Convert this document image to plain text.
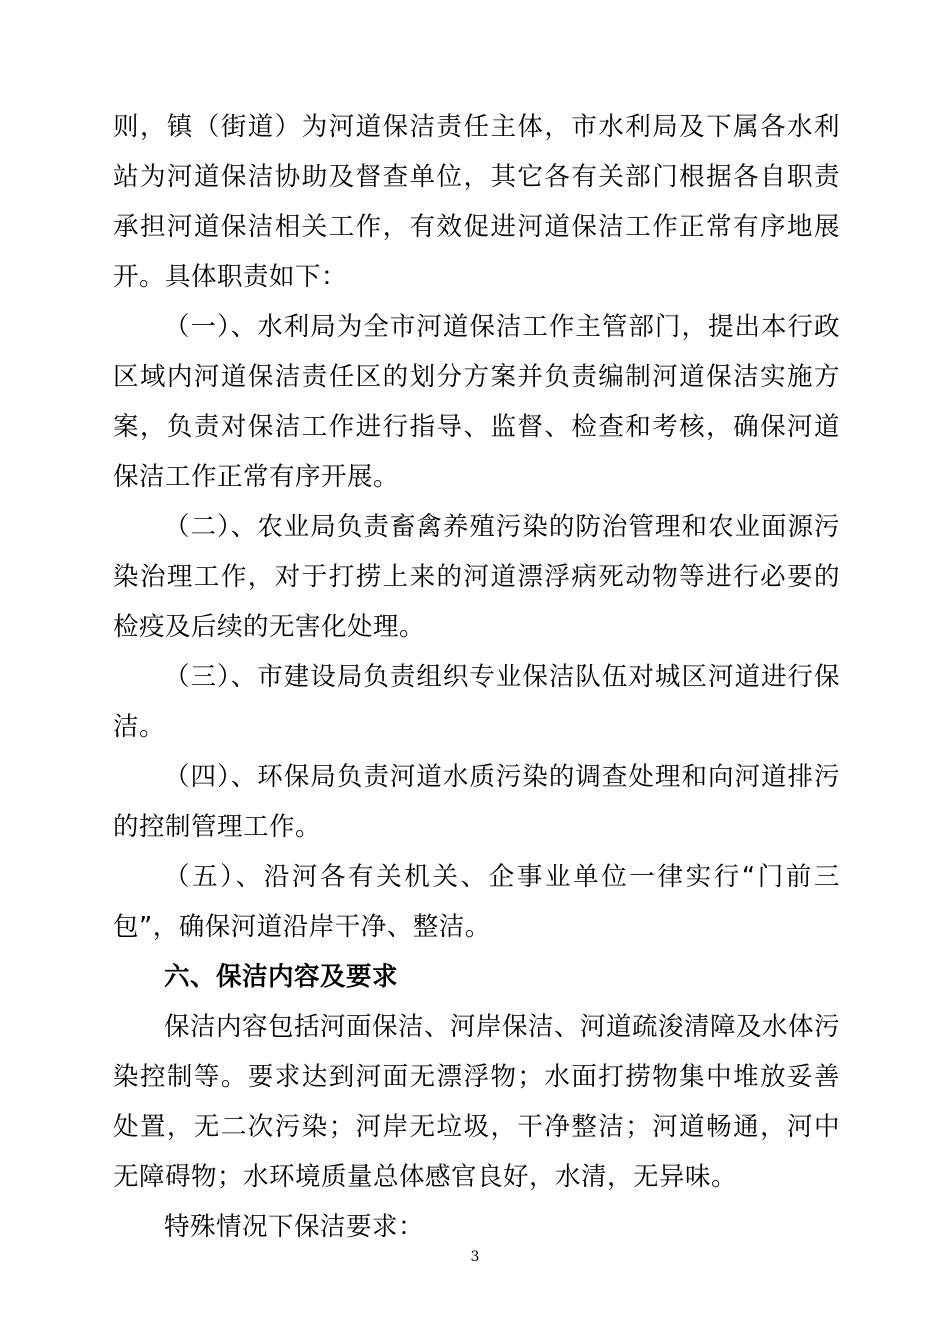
则，镇（街道）为河道保洁责任主体，市水利局及下属各水利站为河道保洁协助及督查单位，其它各有关部门根据各自职责承担河道保洁相关工作，有效促进河道保洁工作正常有序地展开。具体职责如下：

（一）、水利局为全市河道保洁工作主管部门，提出本行政区域内河道保洁责任区的划分方案并负责编制河道保洁实施方案，负责对保洁工作进行指导、监督、检查和考核，确保河道保洁工作正常有序开展。

（二）、农业局负责畜禽养殖污染的防治管理和农业面源污染治理工作，对于打捞上来的河道漂浮病死动物等进行必要的检疫及后续的无害化处理。

（三）、市建设局负责组织专业保洁队伍对城区河道进行保洁。

（四）、环保局负责河道水质污染的调查处理和向河道排污的控制管理工作。

（五）、沿河各有关机关、企事业单位一律实行“门前三包”，确保河道沿岸干净、整洁。

六、保洁内容及要求

保洁内容包括河面保洁、河岸保洁、河道疏浚清障及水体污染控制等。要求达到河面无漂浮物；水面打捞物集中堆放妥善处置，无二次污染；河岸无垃圾，干净整洁；河道畅通，河中无障碍物；水环境质量总体感官良好，水清，无异味。

特殊情况下保洁要求：

3
